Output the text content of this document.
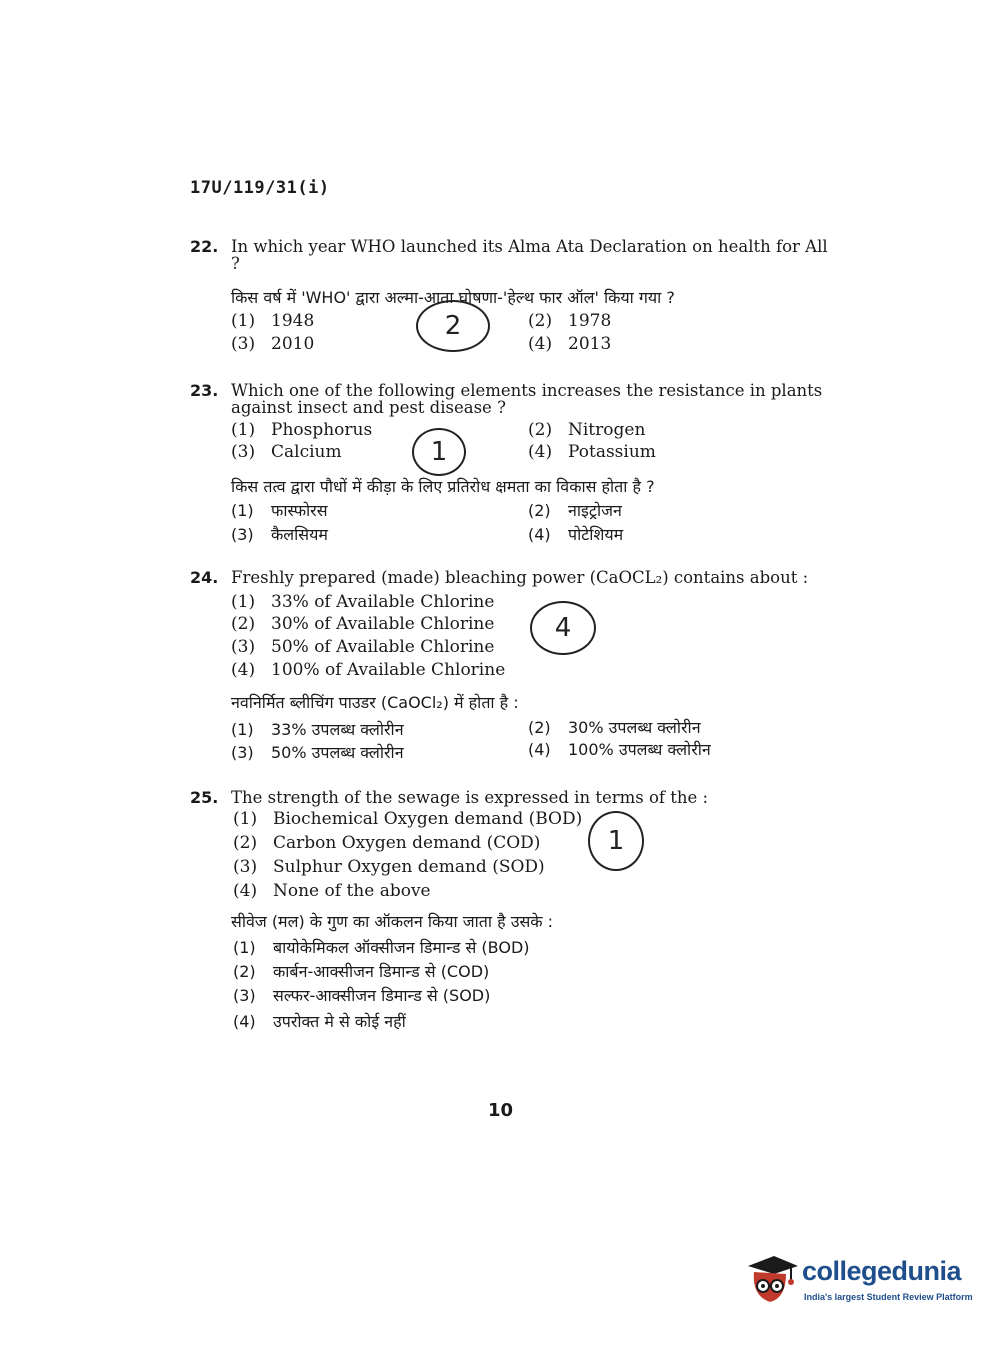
17U/119/31(i)
22. In which year WHO launched its Alma Ata Declaration on health for All ?
किस वर्ष में 'WHO' द्वारा अल्मा-आता घोषणा-'हेल्थ फार ऑल' किया गया ?
(1) 1948	(2) 1978
(3) 2010	(4) 2013
2
23. Which one of the following elements increases the resistance in plants against insect and pest disease ?
(1) Phosphorus	(2) Nitrogen
(3) Calcium	(4) Potassium
1
किस तत्व द्वारा पौधों में कीड़ा के लिए प्रतिरोध क्षमता का विकास होता है ?
(1) फास्फोरस	(2) नाइट्रोजन
(3) कैलसियम	(4) पोटेशियम
24. Freshly prepared (made) bleaching power (CaOCL₂) contains about :
(1) 33% of Available Chlorine
(2) 30% of Available Chlorine
(3) 50% of Available Chlorine
(4) 100% of Available Chlorine
4
नवनिर्मित ब्लीचिंग पाउडर (CaOCl₂) में होता है :
(1) 33% उपलब्ध क्लोरीन	(2) 30% उपलब्ध क्लोरीन
(3) 50% उपलब्ध क्लोरीन	(4) 100% उपलब्ध क्लोरीन
25. The strength of the sewage is expressed in terms of the :
(1) Biochemical Oxygen demand (BOD)
(2) Carbon Oxygen demand (COD)
(3) Sulphur Oxygen demand (SOD)
(4) None of the above
1
सीवेज (मल) के गुण का ऑकलन किया जाता है उसके :
(1) बायोकेमिकल ऑक्सीजन डिमान्ड से (BOD)
(2) कार्बन-आक्सीजन डिमान्ड से (COD)
(3) सल्फर-आक्सीजन डिमान्ड से (SOD)
(4) उपरोक्त मे से कोई नहीं
10
collegedunia
India's largest Student Review Platform
